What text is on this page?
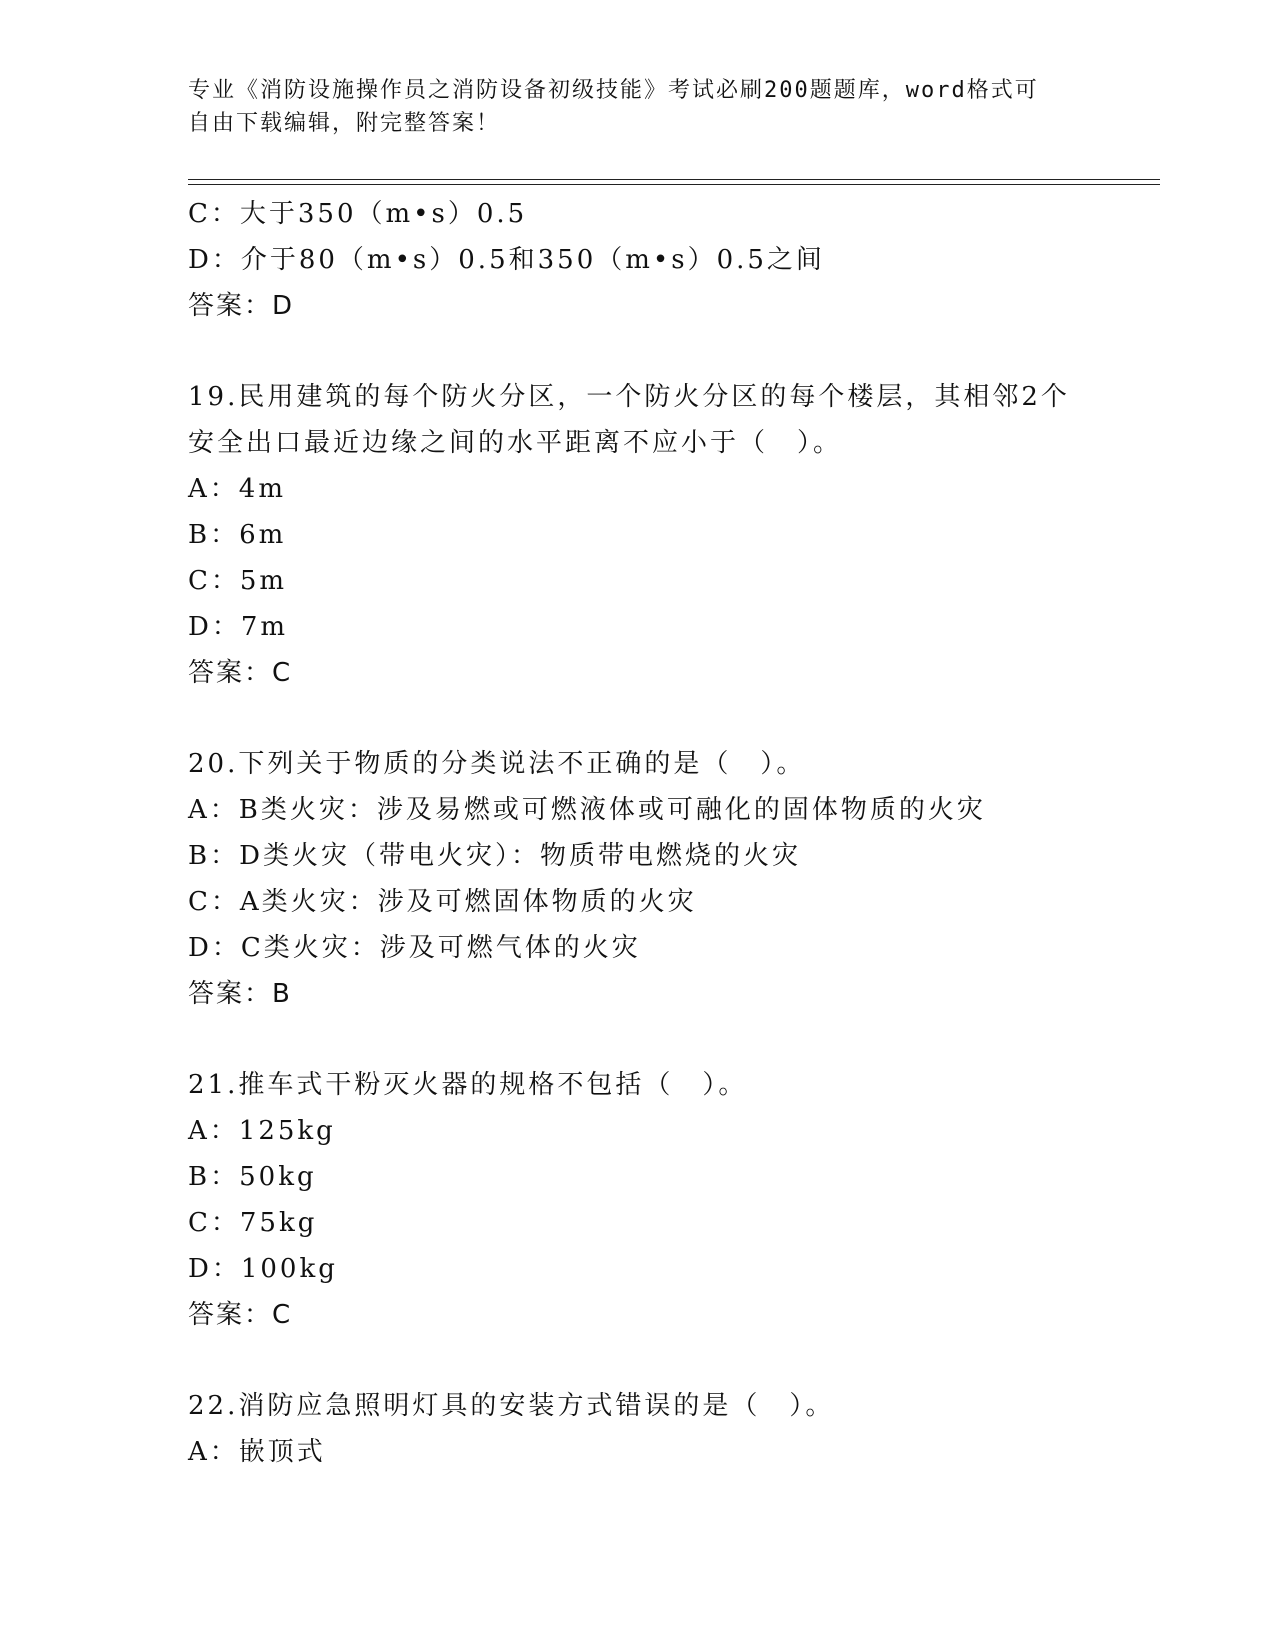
专业《消防设施操作员之消防设备初级技能》考试必刷200题题库，word格式可
自由下载编辑，附完整答案！
C：大于350（m•s）0.5
D：介于80（m•s）0.5和350（m•s）0.5之间
答案：D
19.民用建筑的每个防火分区，一个防火分区的每个楼层，其相邻2个安全出口最近边缘之间的水平距离不应小于（　）。
A：4m
B：6m
C：5m
D：7m
答案：C
20.下列关于物质的分类说法不正确的是（　）。
A：B类火灾：涉及易燃或可燃液体或可融化的固体物质的火灾
B：D类火灾（带电火灾）：物质带电燃烧的火灾
C：A类火灾：涉及可燃固体物质的火灾
D：C类火灾：涉及可燃气体的火灾
答案：B
21.推车式干粉灭火器的规格不包括（　）。
A：125kg
B：50kg
C：75kg
D：100kg
答案：C
22.消防应急照明灯具的安装方式错误的是（　）。
A：嵌顶式
